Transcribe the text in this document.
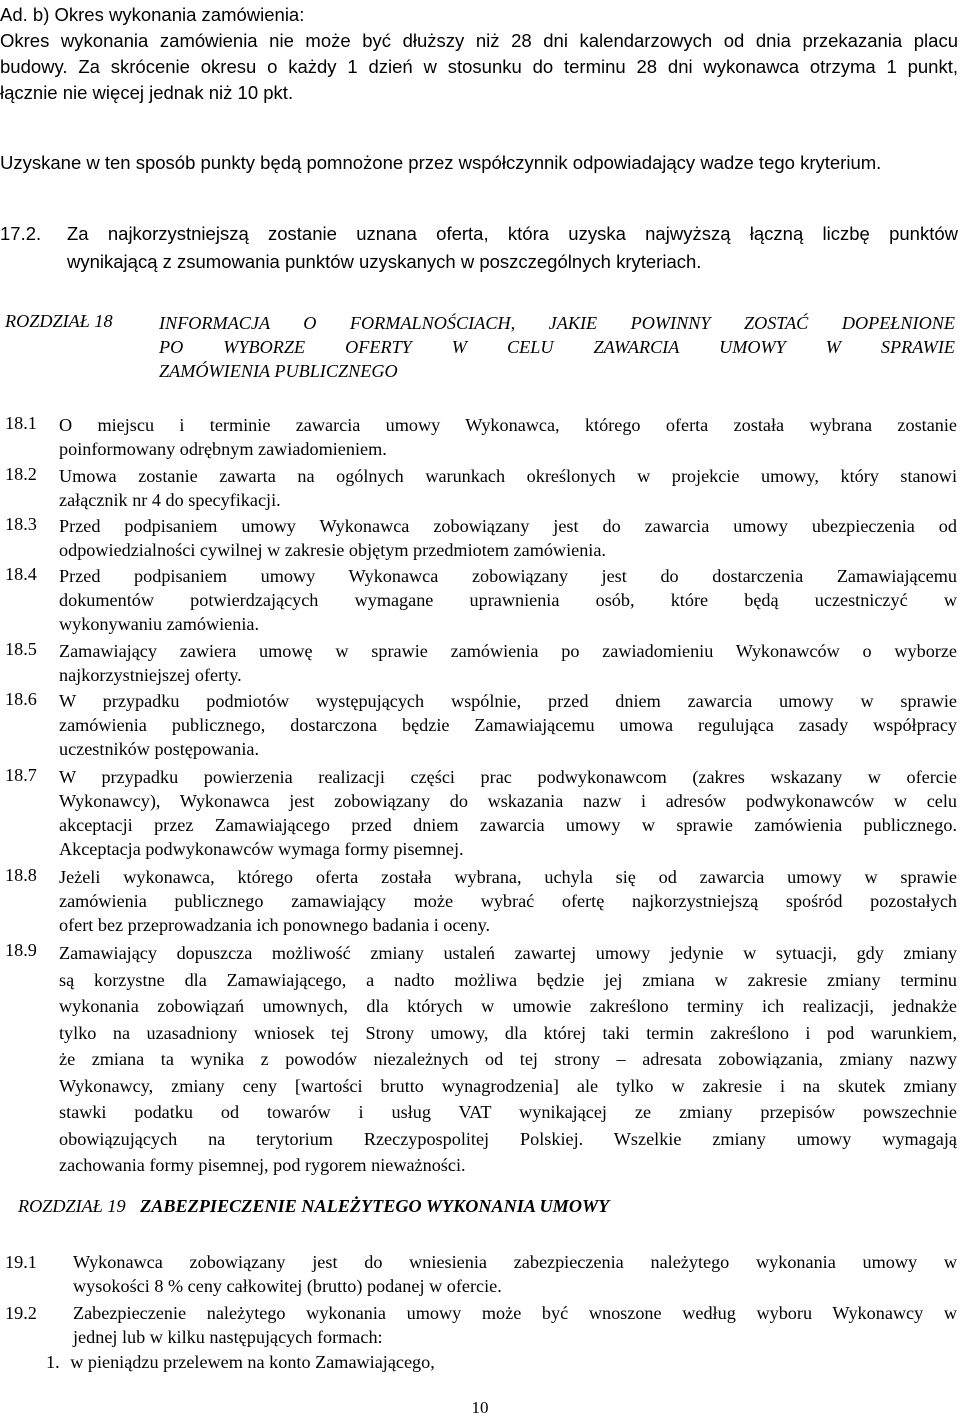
Ad. b) Okres wykonania zamówienia:
Okres wykonania zamówienia nie może być dłuższy niż 28 dni kalendarzowych od dnia przekazania placu
budowy. Za skrócenie okresu o każdy 1 dzień w stosunku do terminu 28 dni wykonawca otrzyma 1 punkt,
łącznie nie więcej jednak niż 10 pkt.
Uzyskane w ten sposób punkty będą pomnożone przez współczynnik odpowiadający wadze tego kryterium.
17.2. Za najkorzystniejszą zostanie uznana oferta, która uzyska najwyższą łączną liczbę punktów
wynikającą z zsumowania punktów uzyskanych w poszczególnych kryteriach.
ROZDZIAŁ 18	INFORMACJA O FORMALNOŚCIACH, JAKIE POWINNY ZOSTAĆ DOPEŁNIONE
PO WYBORZE OFERTY W CELU ZAWARCIA UMOWY W SPRAWIE
ZAMÓWIENIA PUBLICZNEGO
18.1 O miejscu i terminie zawarcia umowy Wykonawca, którego oferta została wybrana zostanie
poinformowany odrębnym zawiadomieniem.
18.2 Umowa zostanie zawarta na ogólnych warunkach określonych w projekcie umowy, który stanowi
załącznik nr 4 do specyfikacji.
18.3 Przed podpisaniem umowy Wykonawca zobowiązany jest do zawarcia umowy ubezpieczenia od
odpowiedzialności cywilnej w zakresie objętym przedmiotem zamówienia.
18.4 Przed podpisaniem umowy Wykonawca zobowiązany jest do dostarczenia Zamawiającemu
dokumentów potwierdzających wymagane uprawnienia osób, które będą uczestniczyć w
wykonywaniu zamówienia.
18.5 Zamawiający zawiera umowę w sprawie zamówienia po zawiadomieniu Wykonawców o wyborze
najkorzystniejszej oferty.
18.6 W przypadku podmiotów występujących wspólnie, przed dniem zawarcia umowy w sprawie
zamówienia publicznego, dostarczona będzie Zamawiającemu umowa regulująca zasady współpracy
uczestników postępowania.
18.7 W przypadku powierzenia realizacji części prac podwykonawcom (zakres wskazany w ofercie
Wykonawcy), Wykonawca jest zobowiązany do wskazania nazw i adresów podwykonawców w celu
akceptacji przez Zamawiającego przed dniem zawarcia umowy w sprawie zamówienia publicznego.
Akceptacja podwykonawców wymaga formy pisemnej.
18.8 Jeżeli wykonawca, którego oferta została wybrana, uchyla się od zawarcia umowy w sprawie
zamówienia publicznego zamawiający może wybrać ofertę najkorzystniejszą spośród pozostałych
ofert bez przeprowadzania ich ponownego badania i oceny.
18.9 Zamawiający dopuszcza możliwość zmiany ustaleń zawartej umowy jedynie w sytuacji, gdy zmiany
są korzystne dla Zamawiającego, a nadto możliwa będzie jej zmiana w zakresie zmiany terminu
wykonania zobowiązań umownych, dla których w umowie zakreślono terminy ich realizacji, jednakże
tylko na uzasadniony wniosek tej Strony umowy, dla której taki termin zakreślono i pod warunkiem,
że zmiana ta wynika z powodów niezależnych od tej strony – adresata zobowiązania, zmiany nazwy
Wykonawcy, zmiany ceny [wartości brutto wynagrodzenia] ale tylko w zakresie i na skutek zmiany
stawki podatku od towarów i usług VAT wynikającej ze zmiany przepisów powszechnie
obowiązujących na terytorium Rzeczypospolitej Polskiej. Wszelkie zmiany umowy wymagają
zachowania formy pisemnej, pod rygorem nieważności.
ROZDZIAŁ 19 ZABEZPIECZENIE NALEŻYTEGO WYKONANIA UMOWY
19.1 Wykonawca zobowiązany jest do wniesienia zabezpieczenia należytego wykonania umowy w
wysokości 8 % ceny całkowitej (brutto) podanej w ofercie.
19.2 Zabezpieczenie należytego wykonania umowy może być wnoszone według wyboru Wykonawcy w
jednej lub w kilku następujących formach:
1. w pieniądzu przelewem na konto Zamawiającego,
10
